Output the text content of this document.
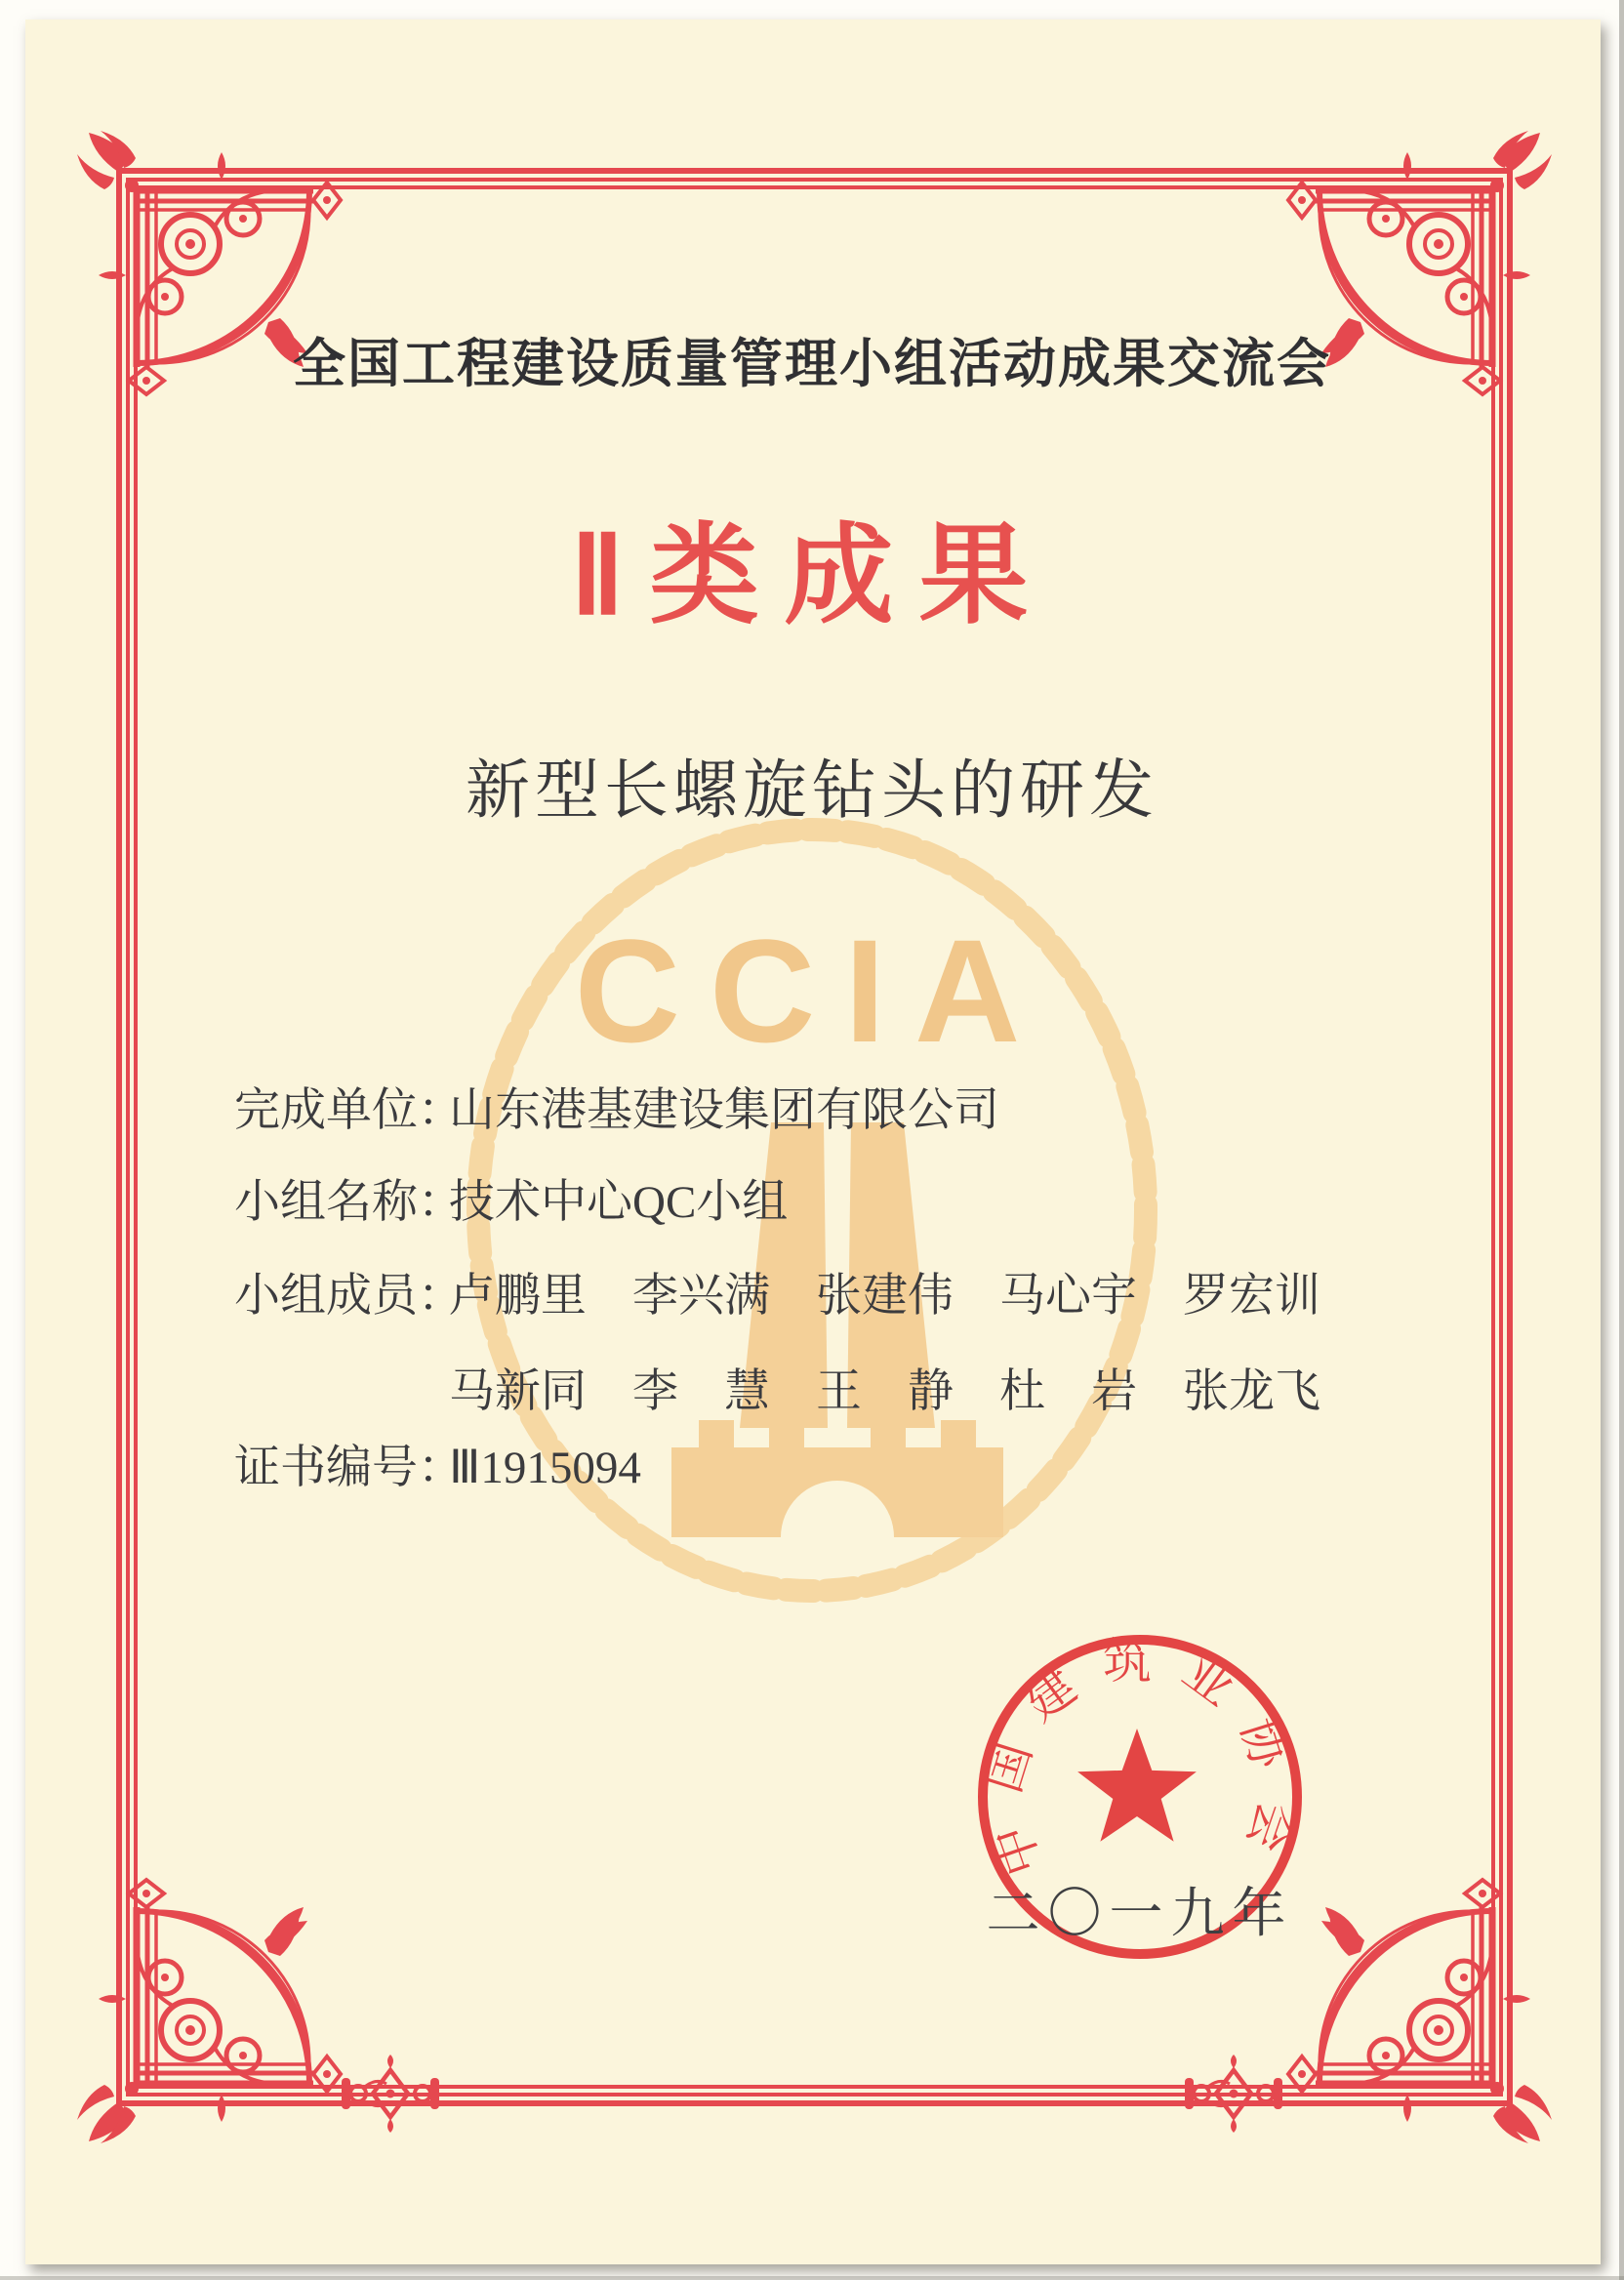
CCIA
全国工程建设质量管理小组活动成果交流会
Ⅱ类成果
新型长螺旋钻头的研发
完成单位：山东港基建设集团有限公司
小组名称：技术中心QC小组
小组成员：卢鹏里　李兴满　张建伟　马心宇　罗宏训
马新同　李　慧　王　静　杜　岩　张龙飞
证书编号：Ⅲ1915094
中国建筑业协会
二〇一九年
